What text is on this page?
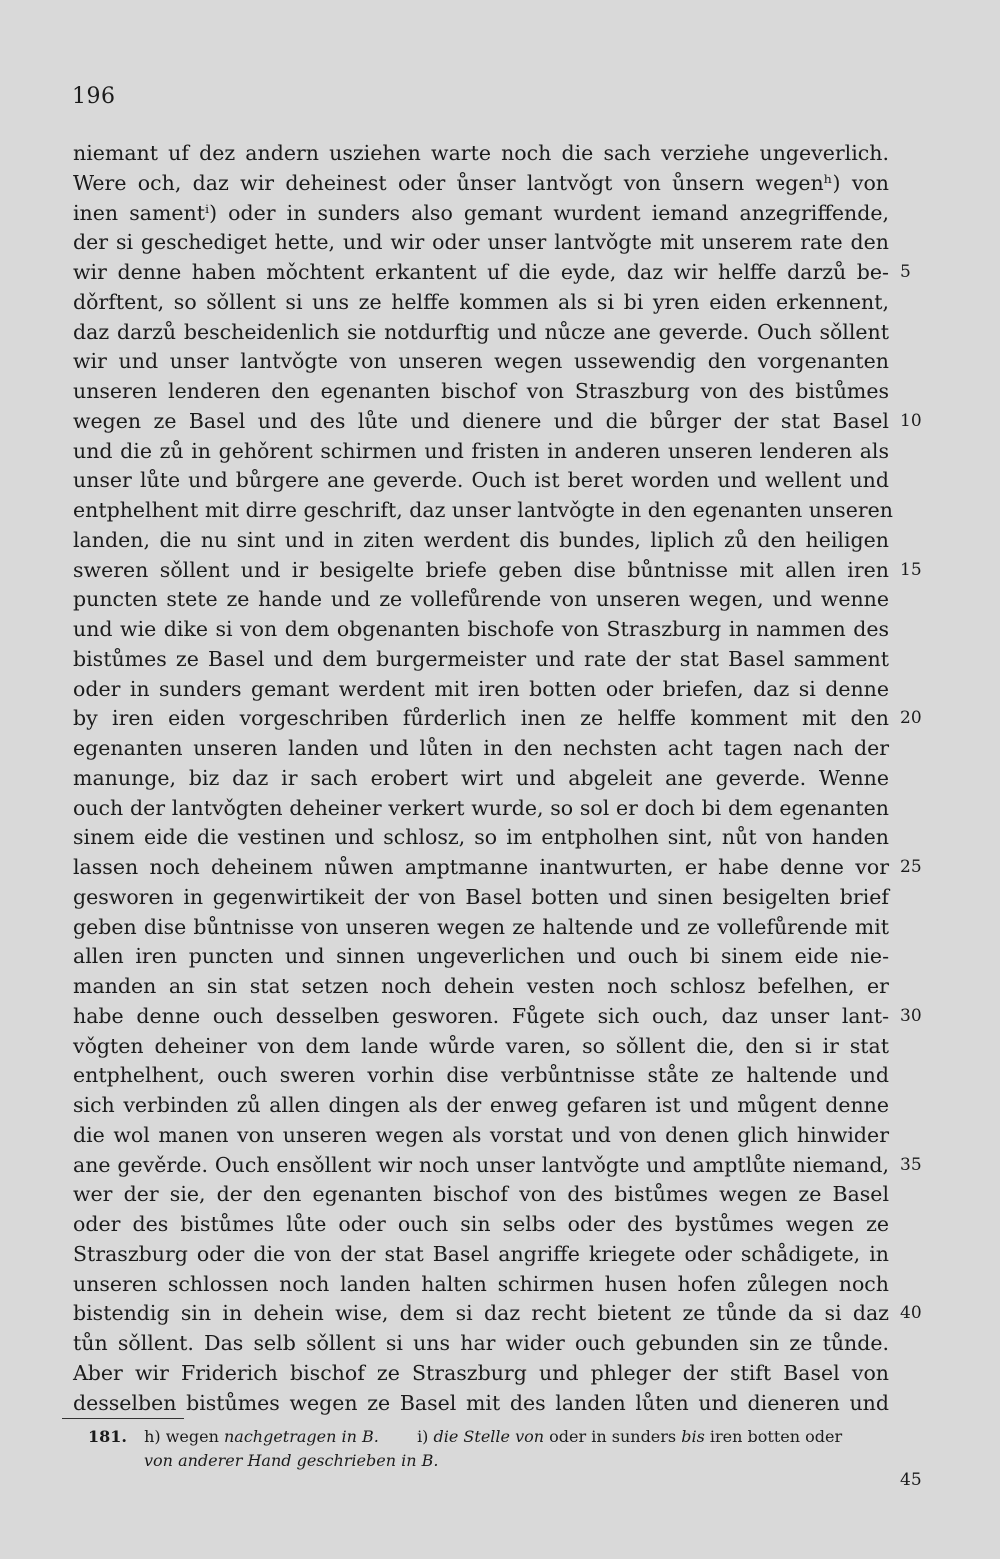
196
niemant uf dez andern usziehen warte noch die sach verziehe ungeverlich.
Were och, daz wir deheinest oder ůnser lantvǒgt von ůnsern wegenʰ) von
inen samentⁱ) oder in sunders also gemant wurdent iemand anzegriffende,
der si geschediget hette, und wir oder unser lantvǒgte mit unserem rate den
wir denne haben mǒchtent erkantent uf die eyde, daz wir helffe darzů be-
dǒrftent, so sǒllent si uns ze helffe kommen als si bi yren eiden erkennent,
daz darzů bescheidenlich sie notdurftig und nůcze ane geverde. Ouch sǒllent
wir und unser lantvǒgte von unseren wegen ussewendig den vorgenanten
unseren lenderen den egenanten bischof von Straszburg von des bistůmes
wegen ze Basel und des lůte und dienere und die bůrger der stat Basel
und die zů in gehǒrent schirmen und fristen in anderen unseren lenderen als
unser lůte und bůrgere ane geverde. Ouch ist beret worden und wellent und
entphelhent mit dirre geschrift, daz unser lantvǒgte in den egenanten unseren
landen, die nu sint und in ziten werdent dis bundes, liplich zů den heiligen
sweren sǒllent und ir besigelte briefe geben dise bůntnisse mit allen iren
puncten stete ze hande und ze vollefůrende von unseren wegen, und wenne
und wie dike si von dem obgenanten bischofe von Straszburg in nammen des
bistůmes ze Basel und dem burgermeister und rate der stat Basel samment
oder in sunders gemant werdent mit iren botten oder briefen, daz si denne
by iren eiden vorgeschriben fůrderlich inen ze helffe komment mit den
egenanten unseren landen und lůten in den nechsten acht tagen nach der
manunge, biz daz ir sach erobert wirt und abgeleit ane geverde. Wenne
ouch der lantvǒgten deheiner verkert wurde, so sol er doch bi dem egenanten
sinem eide die vestinen und schlosz, so im entpholhen sint, nůt von handen
lassen noch deheinem nůwen amptmanne inantwurten, er habe denne vor
gesworen in gegenwirtikeit der von Basel botten und sinen besigelten brief
geben dise bůntnisse von unseren wegen ze haltende und ze vollefůrende mit
allen iren puncten und sinnen ungeverlichen und ouch bi sinem eide nie-
manden an sin stat setzen noch dehein vesten noch schlosz befelhen, er
habe denne ouch desselben gesworen. Fůgete sich ouch, daz unser lant-
vǒgten deheiner von dem lande wůrde varen, so sǒllent die, den si ir stat
entphelhent, ouch sweren vorhin dise verbůntnisse ståte ze haltende und
sich verbinden zů allen dingen als der enweg gefaren ist und můgent denne
die wol manen von unseren wegen als vorstat und von denen glich hinwider
ane gevěrde. Ouch ensǒllent wir noch unser lantvǒgte und amptlůte niemand,
wer der sie, der den egenanten bischof von des bistůmes wegen ze Basel
oder des bistůmes lůte oder ouch sin selbs oder des bystůmes wegen ze
Straszburg oder die von der stat Basel angriffe kriegete oder schådigete, in
unseren schlossen noch landen halten schirmen husen hofen zůlegen noch
bistendig sin in dehein wise, dem si daz recht bietent ze tůnde da si daz
tůn sǒllent. Das selb sǒllent si uns har wider ouch gebunden sin ze tůnde.
Aber wir Friderich bischof ze Straszburg und phleger der stift Basel von
desselben bistůmes wegen ze Basel mit des landen lůten und dieneren und
5
10
15
20
25
30
35
40
181. h) wegen nachgetragen in B. i) die Stelle von oder in sunders bis iren botten oder
von anderer Hand geschrieben in B.
45
